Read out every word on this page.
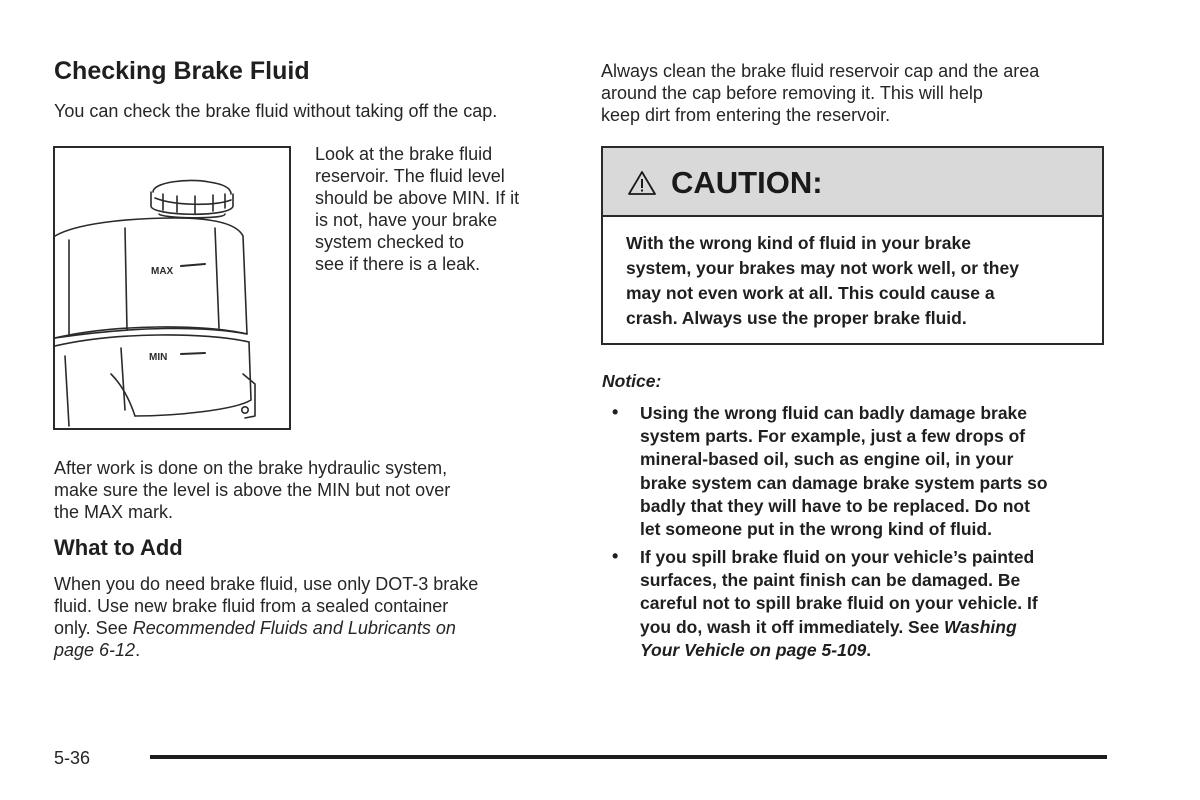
Checking Brake Fluid
You can check the brake fluid without taking off the cap.
MAX
MIN
Look at the brake fluid
reservoir. The fluid level
should be above MIN. If it
is not, have your brake
system checked to
see if there is a leak.
After work is done on the brake hydraulic system,
make sure the level is above the MIN but not over
the MAX mark.
What to Add
When you do need brake fluid, use only DOT-3 brake
fluid. Use new brake fluid from a sealed container
only. See Recommended Fluids and Lubricants on
page 6-12.
Always clean the brake fluid reservoir cap and the area
around the cap before removing it. This will help
keep dirt from entering the reservoir.
CAUTION:
With the wrong kind of fluid in your brake
system, your brakes may not work well, or they
may not even work at all. This could cause a
crash. Always use the proper brake fluid.
Notice:
• Using the wrong fluid can badly damage brake
system parts. For example, just a few drops of
mineral-based oil, such as engine oil, in your
brake system can damage brake system parts so
badly that they will have to be replaced. Do not
let someone put in the wrong kind of fluid.
• If you spill brake fluid on your vehicle’s painted
surfaces, the paint finish can be damaged. Be
careful not to spill brake fluid on your vehicle. If
you do, wash it off immediately. See Washing
Your Vehicle on page 5-109.
5-36
